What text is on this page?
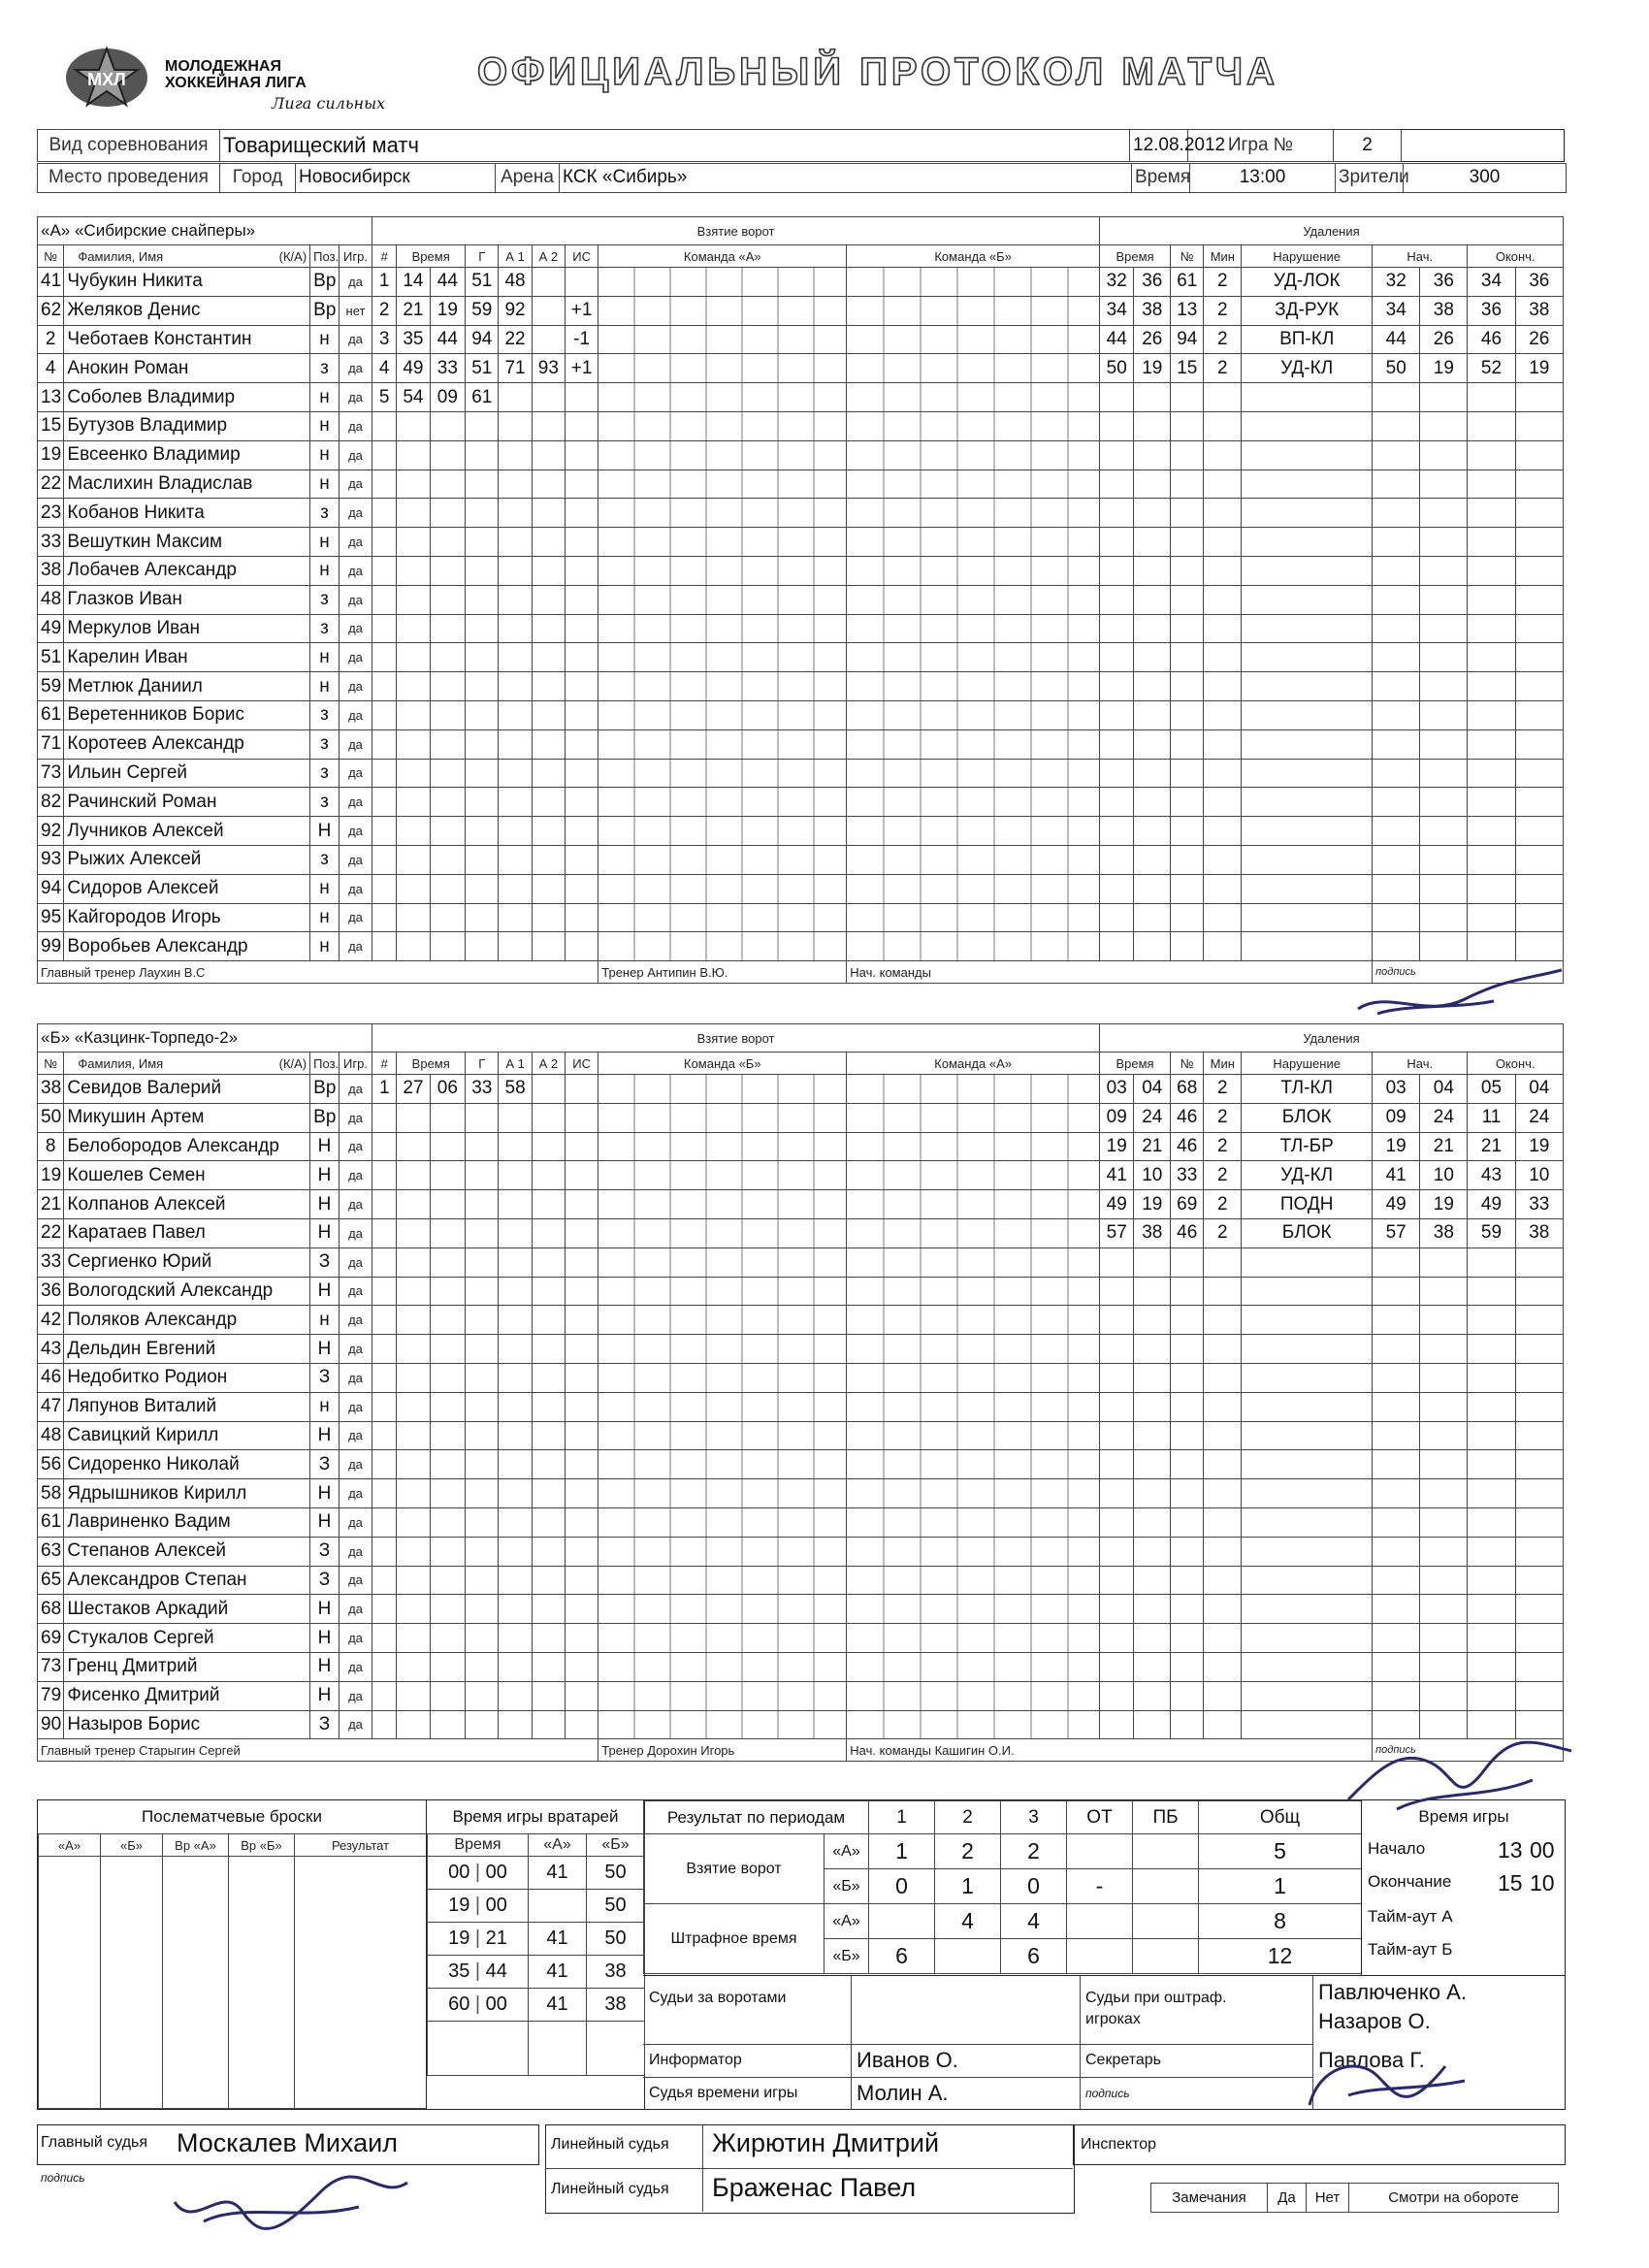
МХЛ
МОЛОДЕЖНАЯ
ХОККЕЙНАЯ ЛИГА
Лига сильных
ОФИЦИАЛЬНЫЙ ПРОТОКОЛ МАТЧА
Вид соревнования	Товарищеский матч		12.08.2012	Игра №	2
Место проведения	Город	Новосибирск	Арена	КСК «Сибирь»	Время	13:00	Зрители	300
«А» «Сибирские снайперы»				Взятие ворот									Удаления								
№	Фамилия, Имя (К/А)	Поз.	Игр.	#	Время		Г	А 1	А 2	ИС	Команда «А»	Команда «Б»	Время		№	Мин	Нарушение	Нач.		Оконч.	
41	Чубукин Никита	Вр	да	1	14	44	51	48					32	36	61	2	УД-ЛОК	32	36	34	36
62	Желяков Денис	Вр	нет	2	21	19	59	92		+1			34	38	13	2	ЗД-РУК	34	38	36	38
2	Чеботаев Константин	н	да	3	35	44	94	22		-1			44	26	94	2	ВП-КЛ	44	26	46	26
4	Анокин Роман	з	да	4	49	33	51	71	93	+1			50	19	15	2	УД-КЛ	50	19	52	19
13	Соболев Владимир	н	да	5	54	09	61														
15	Бутузов Владимир	н	да																		
19	Евсеенко Владимир	н	да																		
22	Маслихин Владислав	н	да																		
23	Кобанов Никита	з	да																		
33	Вешуткин Максим	н	да																		
38	Лобачев Александр	н	да																		
48	Глазков Иван	з	да																		
49	Меркулов Иван	з	да																		
51	Карелин Иван	н	да																		
59	Метлюк Даниил	н	да																		
61	Веретенников Борис	з	да																		
71	Коротеев Александр	з	да																		
73	Ильин Сергей	з	да																		
82	Рачинский Роман	з	да																		
92	Лучников Алексей	Н	да																		
93	Рыжих Алексей	з	да																		
94	Сидоров Алексей	н	да																		
95	Кайгородов Игорь	н	да																		
99	Воробьев Александр	н	да																		
Главный тренер Лаухин В.С											Тренер Антипин В.Ю.	Нач. команды						подпись			
«Б» «Казцинк-Торпедо-2»				Взятие ворот									Удаления								
№	Фамилия, Имя (К/А)	Поз.	Игр.	#	Время		Г	А 1	А 2	ИС	Команда «Б»	Команда «А»	Время		№	Мин	Нарушение	Нач.		Оконч.	
38	Севидов Валерий	Вр	да	1	27	06	33	58					03	04	68	2	ТЛ-КЛ	03	04	05	04
50	Микушин Артем	Вр	да										09	24	46	2	БЛОК	09	24	11	24
8	Белобородов Александр	Н	да										19	21	46	2	ТЛ-БР	19	21	21	19
19	Кошелев Семен	Н	да										41	10	33	2	УД-КЛ	41	10	43	10
21	Колпанов Алексей	Н	да										49	19	69	2	ПОДН	49	19	49	33
22	Каратаев Павел	Н	да										57	38	46	2	БЛОК	57	38	59	38
33	Сергиенко Юрий	З	да																		
36	Вологодский Александр	Н	да																		
42	Поляков Александр	н	да																		
43	Дельдин Евгений	Н	да																		
46	Недобитко Родион	З	да																		
47	Ляпунов Виталий	н	да																		
48	Савицкий Кирилл	Н	да																		
56	Сидоренко Николай	З	да																		
58	Ядрышников Кирилл	Н	да																		
61	Лавриненко Вадим	Н	да																		
63	Степанов Алексей	З	да																		
65	Александров Степан	З	да																		
68	Шестаков Аркадий	Н	да																		
69	Стукалов Сергей	Н	да																		
73	Гренц Дмитрий	Н	да																		
79	Фисенко Дмитрий	Н	да																		
90	Назыров Борис	З	да																		
Главный тренер Старыгин Сергей											Тренер Дорохин Игорь	Нач. команды Кашигин О.И.						подпись			
Послематчевые броски
«А»	«Б»	Вр «А»	Вр «Б»	Результат

Время игры вратарей
Время	«А»	«Б»
00 | 00	41	50
19 | 00		50
19 | 21	41	50
35 | 44	41	38
60 | 00	41	38

Результат по периодам		1	2	3	ОТ	ПБ	Общ
Взятие ворот	«А»	1	2	2			5
	«Б»	0	1	0	-		1
Штрафное время	«А»		4	4			8
	«Б»	6		6			12
Время игры
Начало	13 00
Окончание 15 10
Тайм-аут А
Тайм-аут Б
Судьи за воротами	Судьи при оштраф. игроках
Павлюченко А.
Назаров О.
Информатор	Иванов О.	Секретарь	Павлова Г.
Судья времени игры	Молин А.	подпись
Главный судья Москалев Михаил
подпись
Линейный судья Жирютин Дмитрий
Линейный судья Браженас Павел
Инспектор
Замечания	Да	Нет	Смотри на обороте
